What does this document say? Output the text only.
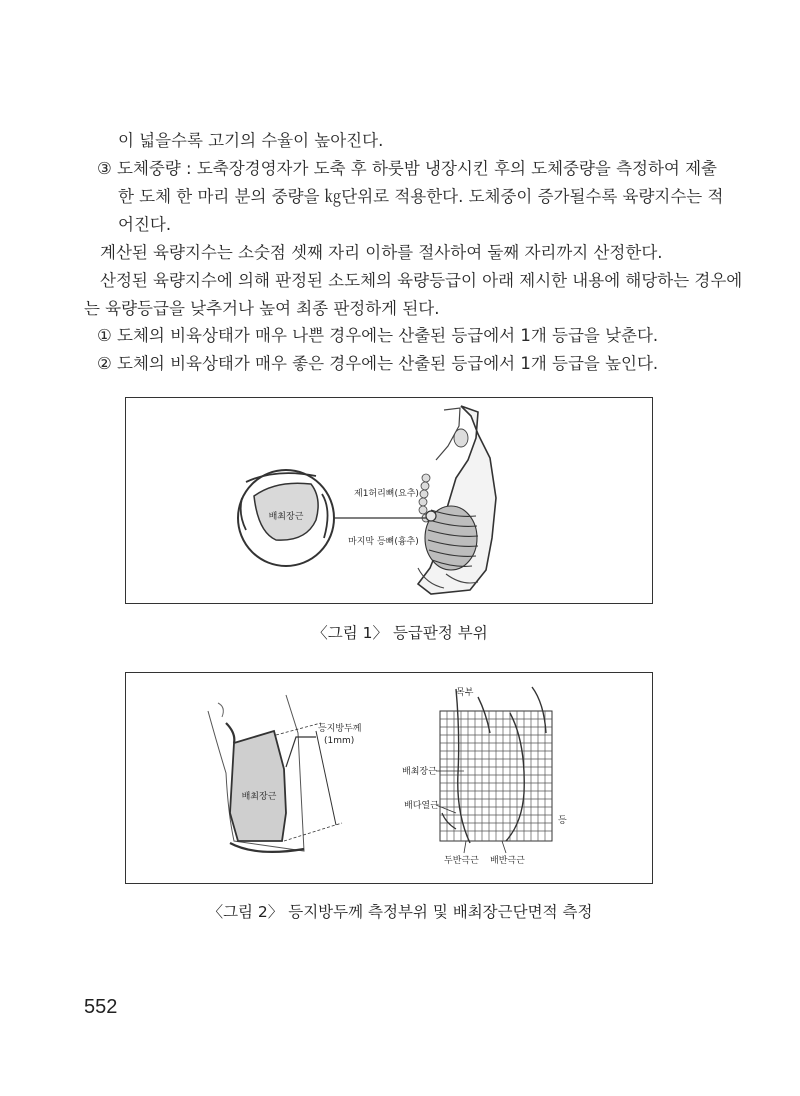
이 넓을수록 고기의 수율이 높아진다.
③ 도체중량 : 도축장경영자가 도축 후 하룻밤 냉장시킨 후의 도체중량을 측정하여 제출
한 도체 한 마리 분의 중량을 ㎏단위로 적용한다. 도체중이 증가될수록 육량지수는 적
어진다.
계산된 육량지수는 소숫점 셋째 자리 이하를 절사하여 둘째 자리까지 산정한다.
산정된 육량지수에 의해 판정된 소도체의 육량등급이 아래 제시한 내용에 해당하는 경우에
는 육량등급을 낮추거나 높여 최종 판정하게 된다.
① 도체의 비육상태가 매우 나쁜 경우에는 산출된 등급에서 1개 등급을 낮춘다.
② 도체의 비육상태가 매우 좋은 경우에는 산출된 등급에서 1개 등급을 높인다.
배최장근
제1허리뼈(요추)
마지막 등뼈(흉추)
〈그림 1〉 등급판정 부위
등지방두께
(1mm)
배최장근
목부
배최장근
배다열근
등
두반극근 배반극근
〈그림 2〉 등지방두께 측정부위 및 배최장근단면적 측정
552
